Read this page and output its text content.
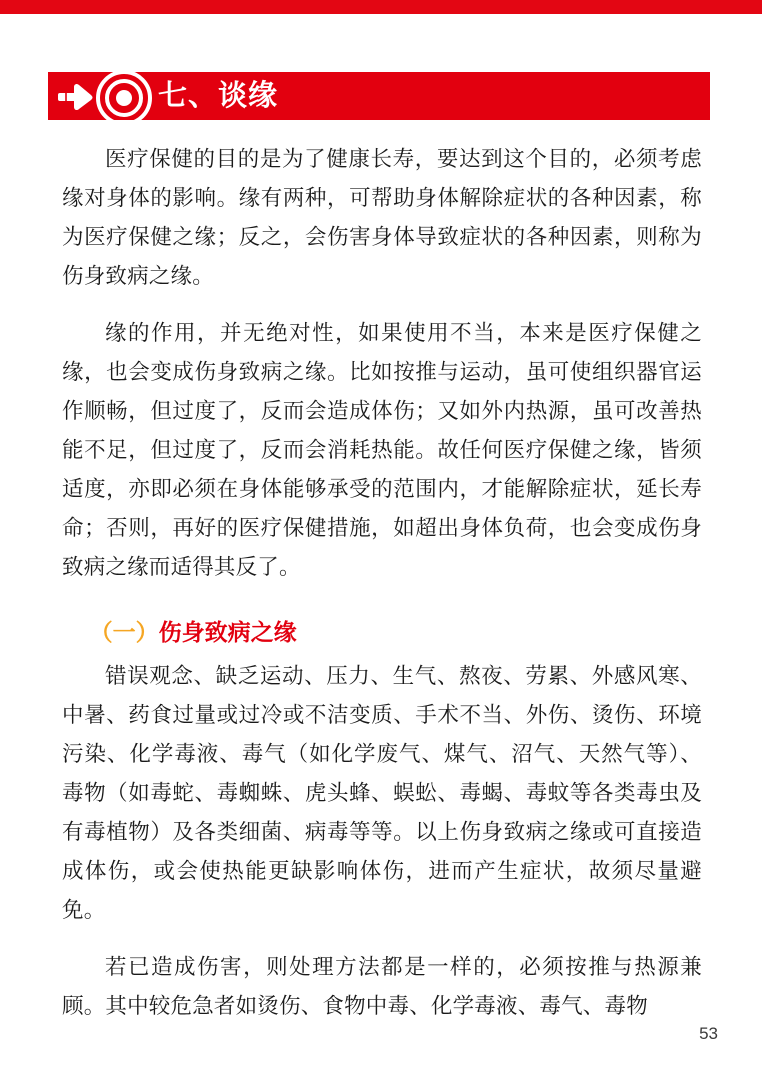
七、谈缘

医疗保健的目的是为了健康长寿，要达到这个目的，必须考虑缘对身体的影响。缘有两种，可帮助身体解除症状的各种因素，称为医疗保健之缘；反之，会伤害身体导致症状的各种因素，则称为伤身致病之缘。

缘的作用，并无绝对性，如果使用不当，本来是医疗保健之缘，也会变成伤身致病之缘。比如按推与运动，虽可使组织器官运作顺畅，但过度了，反而会造成体伤；又如外内热源，虽可改善热能不足，但过度了，反而会消耗热能。故任何医疗保健之缘，皆须适度，亦即必须在身体能够承受的范围内，才能解除症状，延长寿命；否则，再好的医疗保健措施，如超出身体负荷，也会变成伤身致病之缘而适得其反了。

（一）伤身致病之缘

错误观念、缺乏运动、压力、生气、熬夜、劳累、外感风寒、中暑、药食过量或过冷或不洁变质、手术不当、外伤、烫伤、环境污染、化学毒液、毒气（如化学废气、煤气、沼气、天然气等）、毒物（如毒蛇、毒蜘蛛、虎头蜂、蜈蚣、毒蝎、毒蚊等各类毒虫及有毒植物）及各类细菌、病毒等等。以上伤身致病之缘或可直接造成体伤，或会使热能更缺影响体伤，进而产生症状，故须尽量避免。

若已造成伤害，则处理方法都是一样的，必须按推与热源兼顾。其中较危急者如烫伤、食物中毒、化学毒液、毒气、毒物

53
